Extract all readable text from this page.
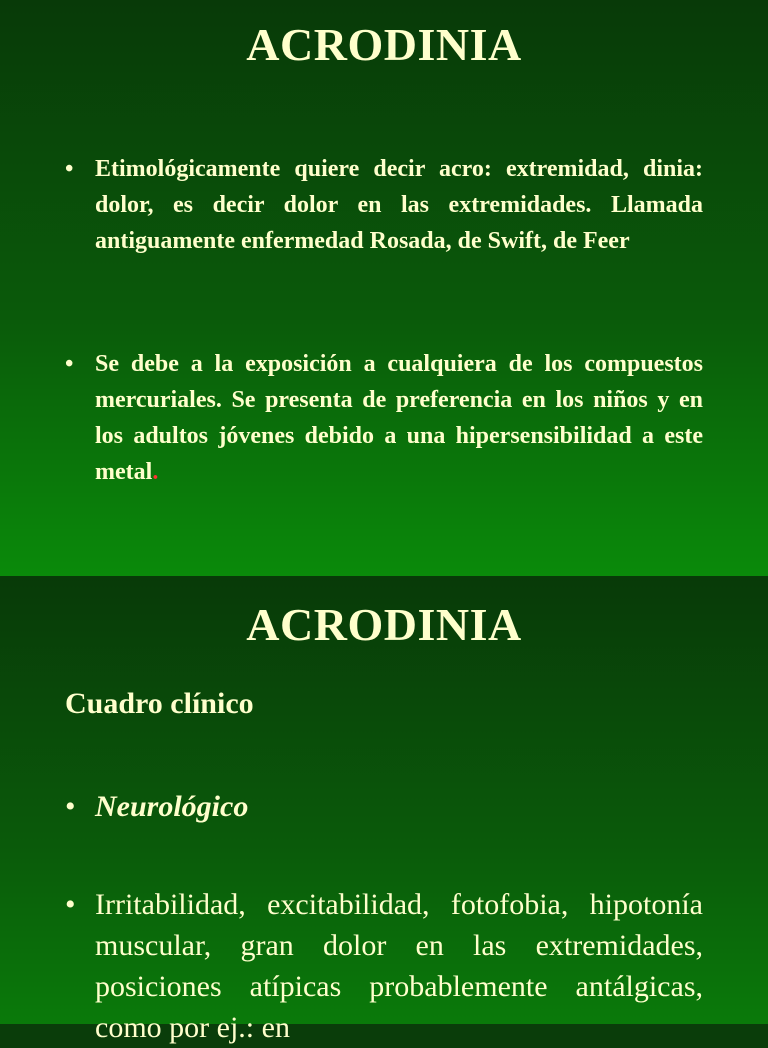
ACRODINIA
• Etimológicamente quiere decir acro: extremidad, dinia: dolor, es decir dolor en las extremidades. Llamada antiguamente enfermedad Rosada, de Swift, de Feer
• Se debe a la exposición a cualquiera de los compuestos mercuriales. Se presenta de preferencia en los niños y en los adultos jóvenes debido a una hipersensibilidad a este metal.
ACRODINIA
Cuadro clínico
• Neurológico
• Irritabilidad, excitabilidad, fotofobia, hipotonía muscular, gran dolor en las extremidades, posiciones atípicas probablemente antálgicas, como por ej.: en
